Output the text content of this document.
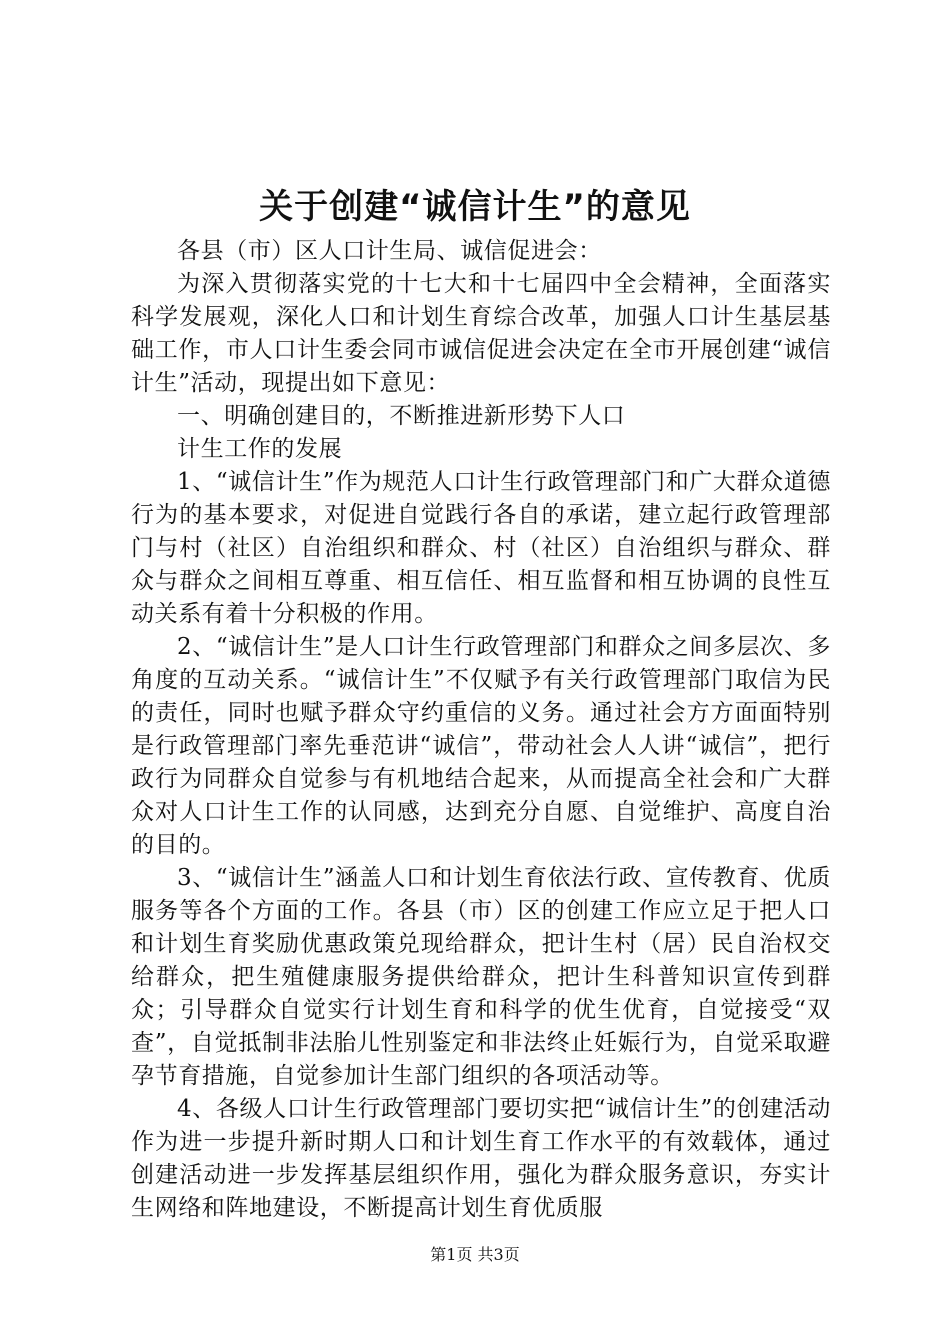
关于创建“诚信计生”的意见

各县（市）区人口计生局、诚信促进会：

为深入贯彻落实党的十七大和十七届四中全会精神，全面落实科学发展观，深化人口和计划生育综合改革，加强人口计生基层基础工作，市人口计生委会同市诚信促进会决定在全市开展创建“诚信计生”活动，现提出如下意见：

一、明确创建目的，不断推进新形势下人口

计生工作的发展

1、“诚信计生”作为规范人口计生行政管理部门和广大群众道德行为的基本要求，对促进自觉践行各自的承诺，建立起行政管理部门与村（社区）自治组织和群众、村（社区）自治组织与群众、群众与群众之间相互尊重、相互信任、相互监督和相互协调的良性互动关系有着十分积极的作用。

2、“诚信计生”是人口计生行政管理部门和群众之间多层次、多角度的互动关系。“诚信计生”不仅赋予有关行政管理部门取信为民的责任，同时也赋予群众守约重信的义务。通过社会方方面面特别是行政管理部门率先垂范讲“诚信”，带动社会人人讲“诚信”，把行政行为同群众自觉参与有机地结合起来，从而提高全社会和广大群众对人口计生工作的认同感，达到充分自愿、自觉维护、高度自治的目的。

3、“诚信计生”涵盖人口和计划生育依法行政、宣传教育、优质服务等各个方面的工作。各县（市）区的创建工作应立足于把人口和计划生育奖励优惠政策兑现给群众，把计生村（居）民自治权交给群众，把生殖健康服务提供给群众，把计生科普知识宣传到群众；引导群众自觉实行计划生育和科学的优生优育，自觉接受“双查”，自觉抵制非法胎儿性别鉴定和非法终止妊娠行为，自觉采取避孕节育措施，自觉参加计生部门组织的各项活动等。

4、各级人口计生行政管理部门要切实把“诚信计生”的创建活动作为进一步提升新时期人口和计划生育工作水平的有效载体，通过创建活动进一步发挥基层组织作用，强化为群众服务意识，夯实计生网络和阵地建设，不断提高计划生育优质服

第1页 共3页
